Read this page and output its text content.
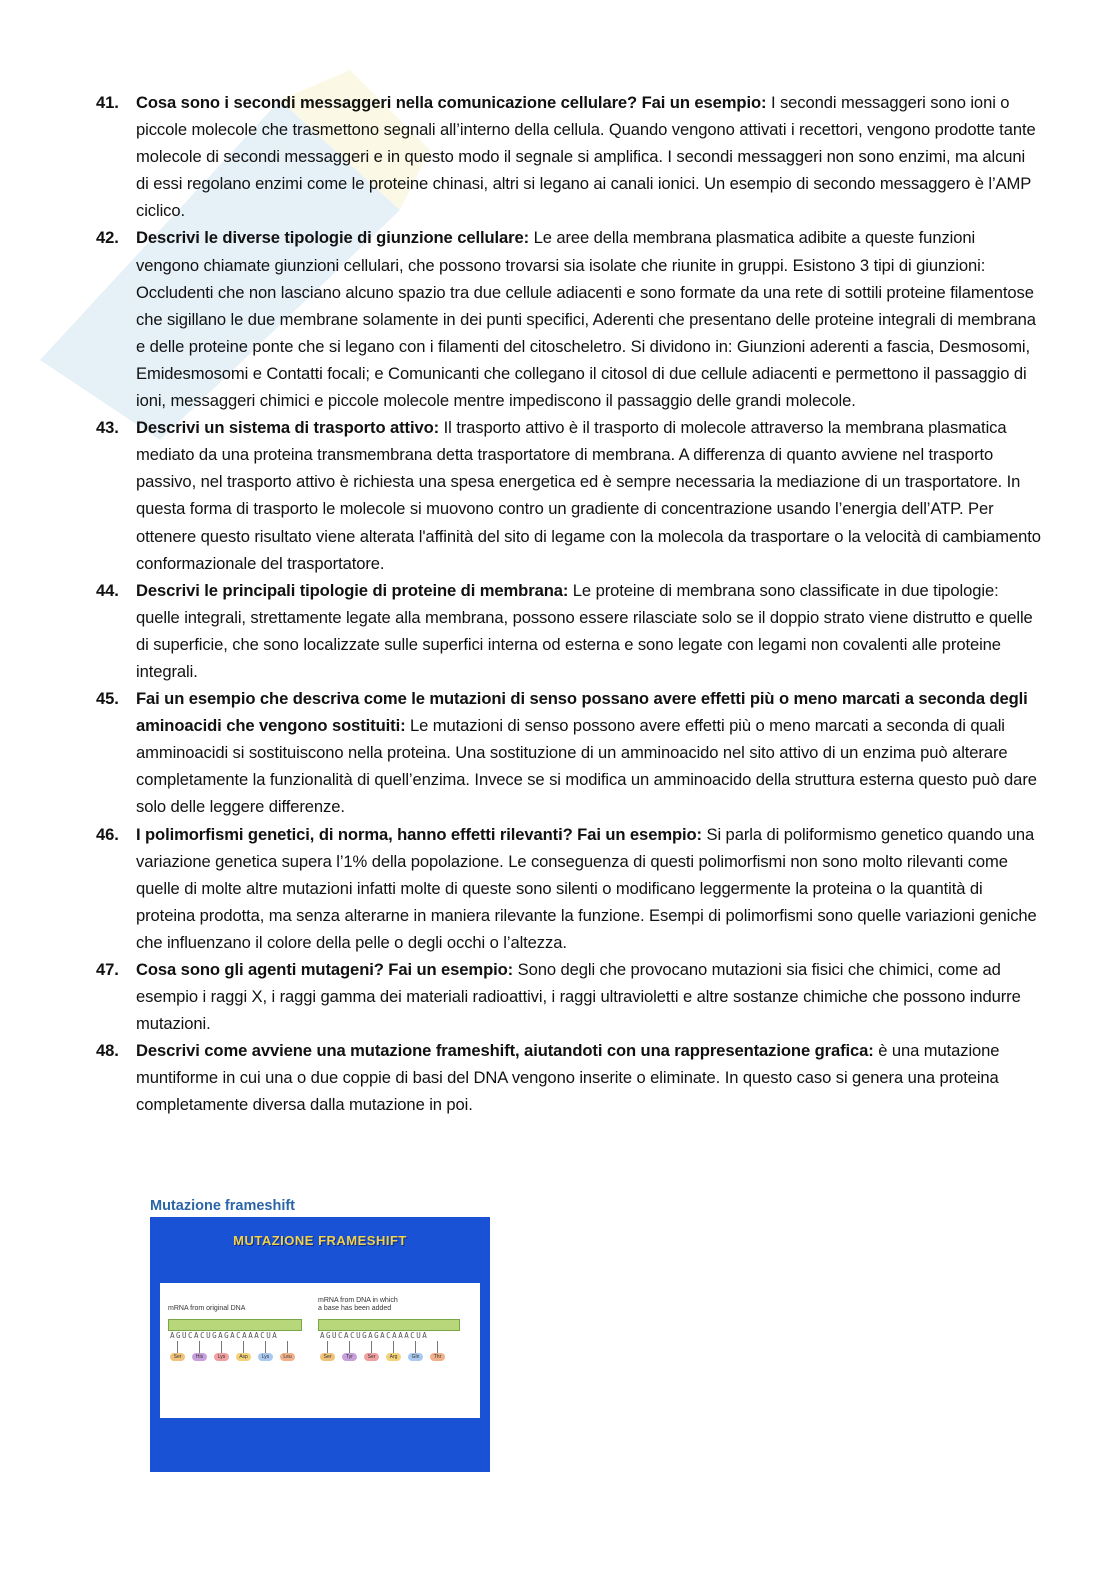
41. Cosa sono i secondi messaggeri nella comunicazione cellulare? Fai un esempio: I secondi messaggeri sono ioni o piccole molecole che trasmettono segnali all’interno della cellula. Quando vengono attivati i recettori, vengono prodotte tante molecole di secondi messaggeri e in questo modo il segnale si amplifica. I secondi messaggeri non sono enzimi, ma alcuni di essi regolano enzimi come le proteine chinasi, altri si legano ai canali ionici. Un esempio di secondo messaggero è l’AMP ciclico.
42. Descrivi le diverse tipologie di giunzione cellulare: Le aree della membrana plasmatica adibite a queste funzioni vengono chiamate giunzioni cellulari, che possono trovarsi sia isolate che riunite in gruppi. Esistono 3 tipi di giunzioni: Occludenti che non lasciano alcuno spazio tra due cellule adiacenti e sono formate da una rete di sottili proteine filamentose che sigillano le due membrane solamente in dei punti specifici, Aderenti che presentano delle proteine integrali di membrana e delle proteine ponte che si legano con i filamenti del citoscheletro. Si dividono in: Giunzioni aderenti a fascia, Desmosomi, Emidesmosomi e Contatti focali; e Comunicanti che collegano il citosol di due cellule adiacenti e permettono il passaggio di ioni, messaggeri chimici e piccole molecole mentre impediscono il passaggio delle grandi molecole.
43. Descrivi un sistema di trasporto attivo: Il trasporto attivo è il trasporto di molecole attraverso la membrana plasmatica mediato da una proteina transmembrana detta trasportatore di membrana. A differenza di quanto avviene nel trasporto passivo, nel trasporto attivo è richiesta una spesa energetica ed è sempre necessaria la mediazione di un trasportatore. In questa forma di trasporto le molecole si muovono contro un gradiente di concentrazione usando l’energia dell’ATP. Per ottenere questo risultato viene alterata l'affinità del sito di legame con la molecola da trasportare o la velocità di cambiamento conformazionale del trasportatore.
44. Descrivi le principali tipologie di proteine di membrana: Le proteine di membrana sono classificate in due tipologie: quelle integrali, strettamente legate alla membrana, possono essere rilasciate solo se il doppio strato viene distrutto e quelle di superficie, che sono localizzate sulle superfici interna od esterna e sono legate con legami non covalenti alle proteine integrali.
45. Fai un esempio che descriva come le mutazioni di senso possano avere effetti più o meno marcati a seconda degli aminoacidi che vengono sostituiti: Le mutazioni di senso possono avere effetti più o meno marcati a seconda di quali amminoacidi si sostituiscono nella proteina. Una sostituzione di un amminoacido nel sito attivo di un enzima può alterare completamente la funzionalità di quell’enzima. Invece se si modifica un amminoacido della struttura esterna questo può dare solo delle leggere differenze.
46. I polimorfismi genetici, di norma, hanno effetti rilevanti? Fai un esempio: Si parla di poliformismo genetico quando una variazione genetica supera l’1% della popolazione. Le conseguenza di questi polimorfismi non sono molto rilevanti come quelle di molte altre mutazioni infatti molte di queste sono silenti o modificano leggermente la proteina o la quantità di proteina prodotta, ma senza alterarne in maniera rilevante la funzione. Esempi di polimorfismi sono quelle variazioni geniche che influenzano il colore della pelle o degli occhi o l’altezza.
47. Cosa sono gli agenti mutageni? Fai un esempio: Sono degli che provocano mutazioni sia fisici che chimici, come ad esempio i raggi X, i raggi gamma dei materiali radioattivi, i raggi ultravioletti e altre sostanze chimiche che possono indurre mutazioni.
48. Descrivi come avviene una mutazione frameshift, aiutandoti con una rappresentazione grafica: è una mutazione muntiforme in cui una o due coppie di basi del DNA vengono inserite o eliminate. In questo caso si genera una proteina completamente diversa dalla mutazione in poi.
Mutazione frameshift
MUTAZIONE FRAMESHIFT
mRNA from original DNA
mRNA from DNA in which
a base has been added
AGUCACUGAGACAAACUA	AGUCACUGAGACAAACUA
Ser	His	Lys	Asp	Lys	Leu	Ser	Tyr	Ser	Arg	Gln	Thr
